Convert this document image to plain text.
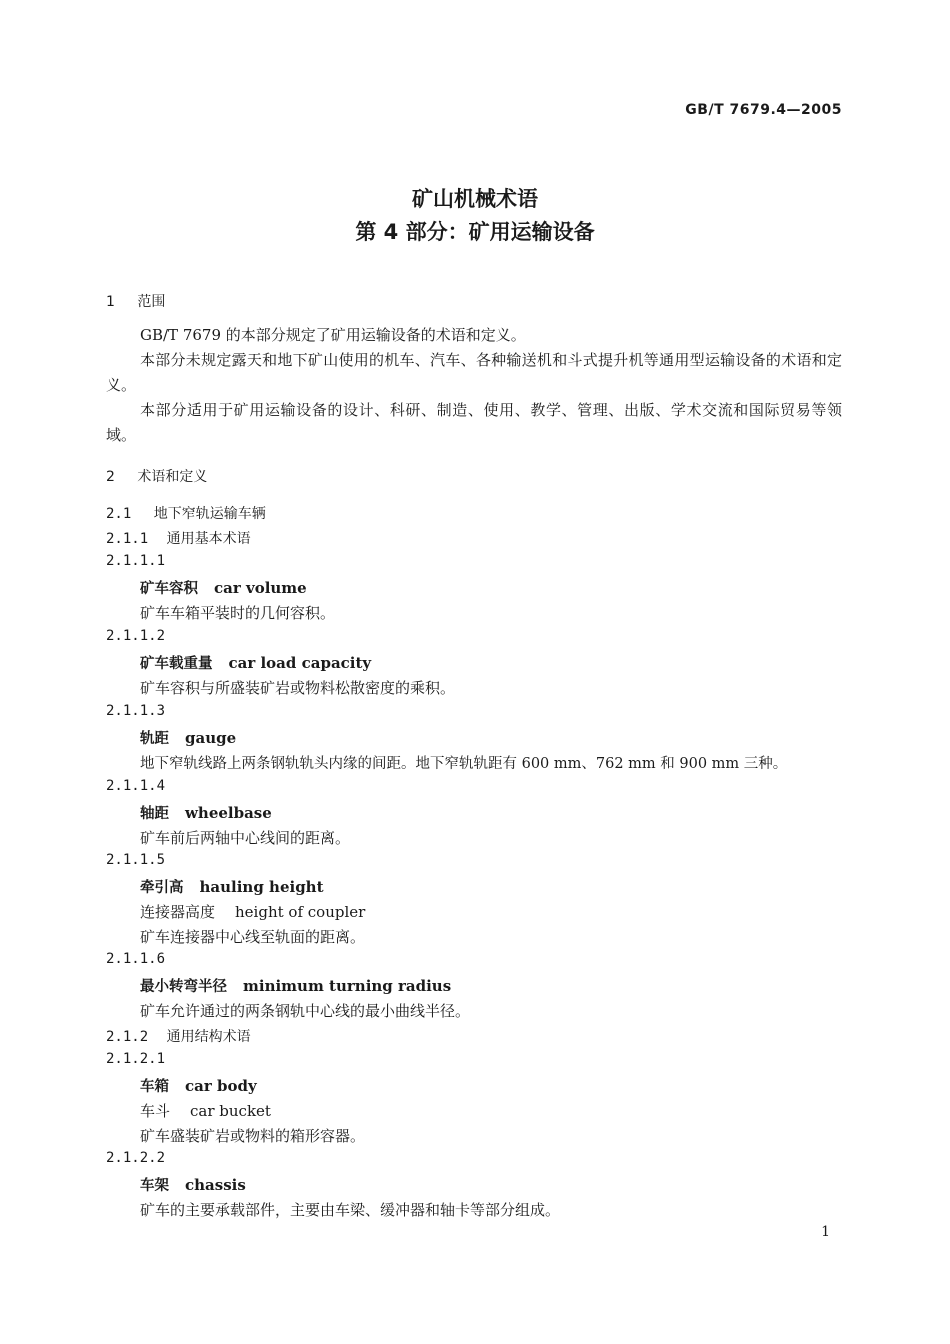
GB/T 7679.4—2005
矿山机械术语
第 4 部分：矿用运输设备
1 范围
GB/T 7679 的本部分规定了矿用运输设备的术语和定义。
本部分未规定露天和地下矿山使用的机车、汽车、各种输送机和斗式提升机等通用型运输设备的术语和定义。
本部分适用于矿用运输设备的设计、科研、制造、使用、教学、管理、出版、学术交流和国际贸易等领域。
2 术语和定义
2.1 地下窄轨运输车辆
2.1.1 通用基本术语
2.1.1.1
矿车容积 car volume
矿车车箱平装时的几何容积。
2.1.1.2
矿车载重量 car load capacity
矿车容积与所盛装矿岩或物料松散密度的乘积。
2.1.1.3
轨距 gauge
地下窄轨线路上两条钢轨轨头内缘的间距。地下窄轨轨距有 600 mm、762 mm 和 900 mm 三种。
2.1.1.4
轴距 wheelbase
矿车前后两轴中心线间的距离。
2.1.1.5
牵引高 hauling height
连接器高度 height of coupler
矿车连接器中心线至轨面的距离。
2.1.1.6
最小转弯半径 minimum turning radius
矿车允许通过的两条钢轨中心线的最小曲线半径。
2.1.2 通用结构术语
2.1.2.1
车箱 car body
车斗 car bucket
矿车盛装矿岩或物料的箱形容器。
2.1.2.2
车架 chassis
矿车的主要承载部件，主要由车梁、缓冲器和轴卡等部分组成。
1
